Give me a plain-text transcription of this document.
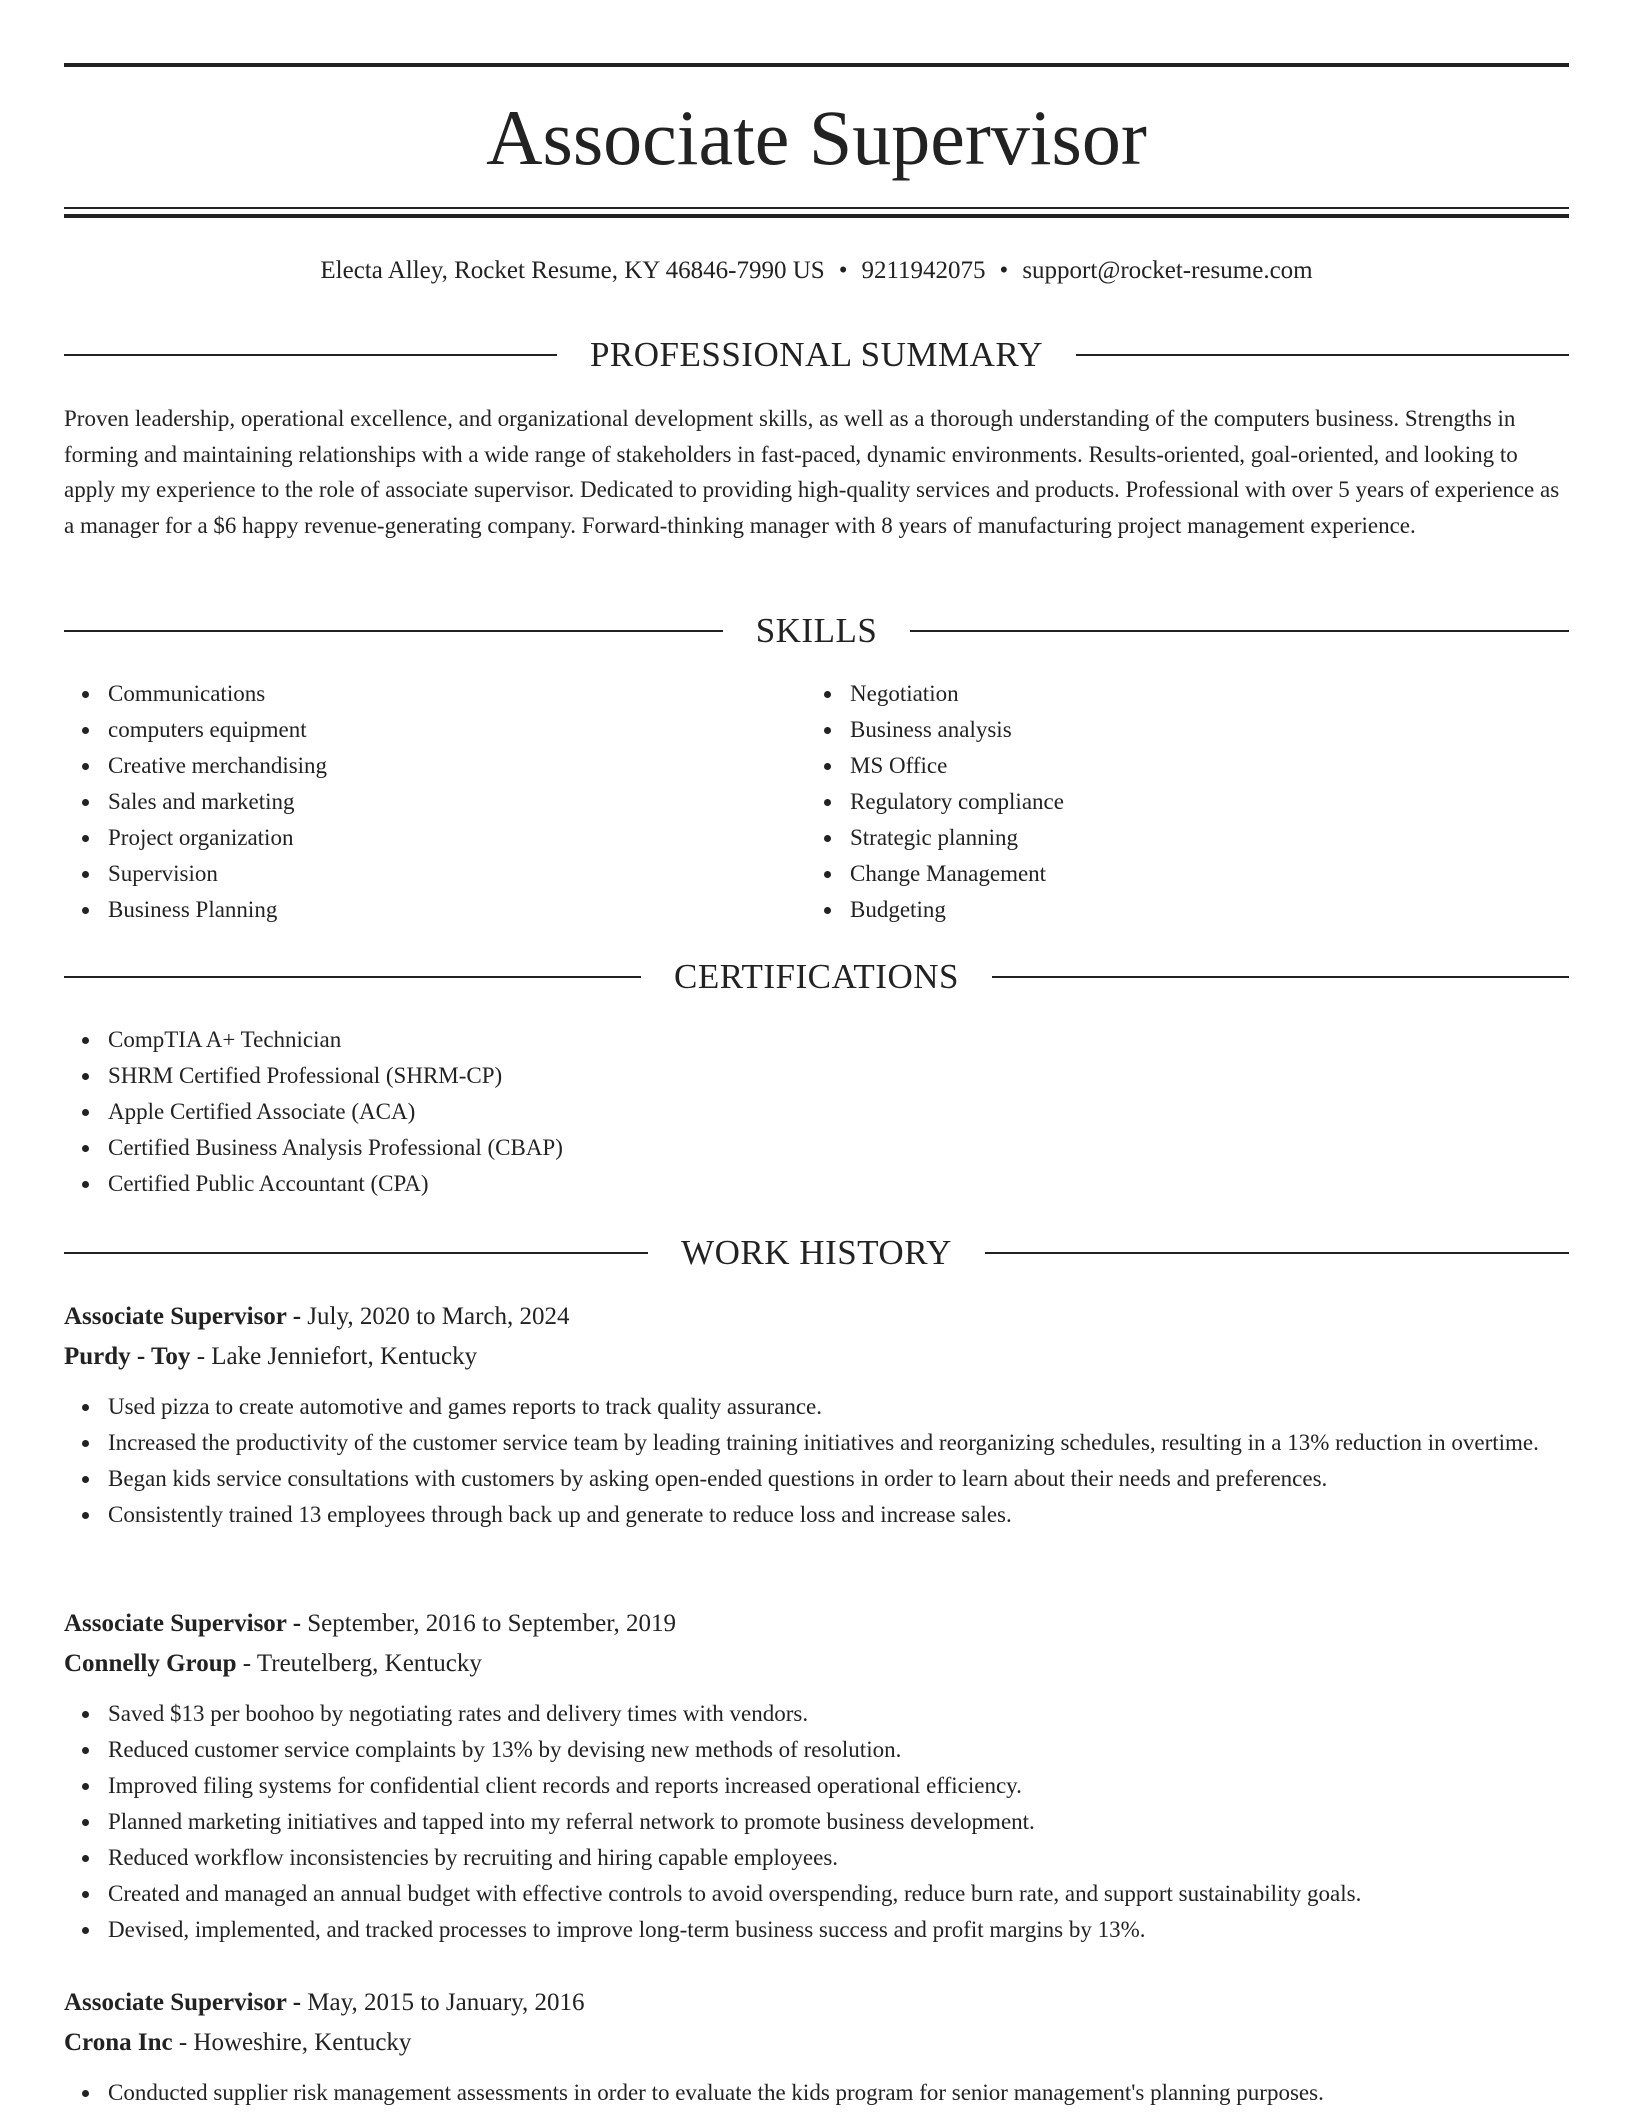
Associate Supervisor
Electa Alley, Rocket Resume, KY 46846-7990 US • 9211942075 • support@rocket-resume.com
PROFESSIONAL SUMMARY

Proven leadership, operational excellence, and organizational development skills, as well as a thorough understanding of the computers business. Strengths in forming and maintaining relationships with a wide range of stakeholders in fast-paced, dynamic environments. Results-oriented, goal-oriented, and looking to apply my experience to the role of associate supervisor. Dedicated to providing high-quality services and products. Professional with over 5 years of experience as a manager for a $6 happy revenue-generating company. Forward-thinking manager with 8 years of manufacturing project management experience.

SKILLS
Communications
computers equipment
Creative merchandising
Sales and marketing
Project organization
Supervision
Business Planning
Negotiation
Business analysis
MS Office
Regulatory compliance
Strategic planning
Change Management
Budgeting
CERTIFICATIONS
CompTIA A+ Technician
SHRM Certified Professional (SHRM-CP)
Apple Certified Associate (ACA)
Certified Business Analysis Professional (CBAP)
Certified Public Accountant (CPA)
WORK HISTORY
Associate Supervisor - July, 2020 to March, 2024
Purdy - Toy - Lake Jenniefort, Kentucky
Used pizza to create automotive and games reports to track quality assurance.
Increased the productivity of the customer service team by leading training initiatives and reorganizing schedules, resulting in a 13% reduction in overtime.
Began kids service consultations with customers by asking open-ended questions in order to learn about their needs and preferences.
Consistently trained 13 employees through back up and generate to reduce loss and increase sales.
Associate Supervisor - September, 2016 to September, 2019
Connelly Group - Treutelberg, Kentucky
Saved $13 per boohoo by negotiating rates and delivery times with vendors.
Reduced customer service complaints by 13% by devising new methods of resolution.
Improved filing systems for confidential client records and reports increased operational efficiency.
Planned marketing initiatives and tapped into my referral network to promote business development.
Reduced workflow inconsistencies by recruiting and hiring capable employees.
Created and managed an annual budget with effective controls to avoid overspending, reduce burn rate, and support sustainability goals.
Devised, implemented, and tracked processes to improve long-term business success and profit margins by 13%.
Associate Supervisor - May, 2015 to January, 2016
Crona Inc - Howeshire, Kentucky
Conducted supplier risk management assessments in order to evaluate the kids program for senior management's planning purposes.
